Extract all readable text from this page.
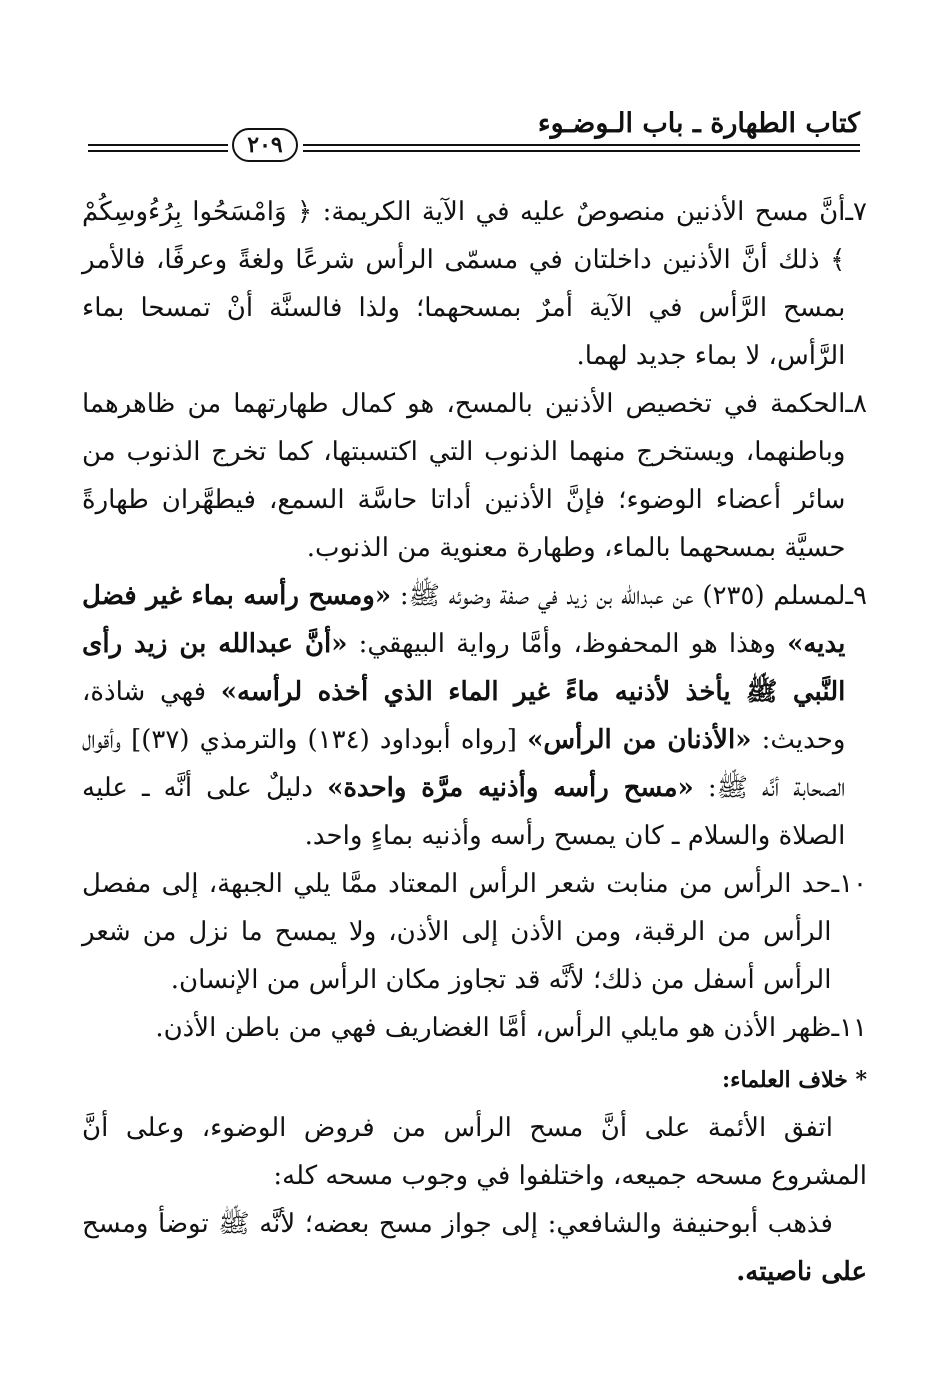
كتاب الطهارة ـ باب الـوضـوء
٢٠٩
٧ـ
أنَّ مسح الأذنين منصوصٌ عليه في الآية الكريمة: ﴿ وَامْسَحُوا بِرُءُوسِكُمْ ﴾ ذلك أنَّ الأذنين داخلتان في مسمّى الرأس شرعًا ولغةً وعرفًا، فالأمر بمسح الرَّأس في الآية أمرٌ بمسحهما؛ ولذا فالسنَّة أنْ تمسحا بماء الرَّأس، لا بماء جديد لهما.
٨ـ
الحكمة في تخصيص الأذنين بالمسح، هو كمال طهارتهما من ظاهرهما وباطنهما، ويستخرج منهما الذنوب التي اكتسبتها، كما تخرج الذنوب من سائر أعضاء الوضوء؛ فإنَّ الأذنين أداتا حاسَّة السمع، فيطهَّران طهارةً حسيَّة بمسحهما بالماء، وطهارة معنوية من الذنوب.
٩ـ
لمسلم (٢٣٥) عن عبدالله بن زيد في صفة وضوئه ﷺ: «ومسح رأسه بماء غير فضل يديه» وهذا هو المحفوظ، وأمَّا رواية البيهقي: «أنَّ عبدالله بن زيد رأى النَّبي ﷺ يأخذ لأذنيه ماءً غير الماء الذي أخذه لرأسه» فهي شاذة، وحديث: «الأذنان من الرأس» [رواه أبوداود (١٣٤) والترمذي (٣٧)] وأقوال الصحابة أنَّه ﷺ: «مسح رأسه وأذنيه مرَّة واحدة» دليلٌ على أنَّه ـ عليه الصلاة والسلام ـ كان يمسح رأسه وأذنيه بماءٍ واحد.
١٠ـ
حد الرأس من منابت شعر الرأس المعتاد ممَّا يلي الجبهة، إلى مفصل الرأس من الرقبة، ومن الأذن إلى الأذن، ولا يمسح ما نزل من شعر الرأس أسفل من ذلك؛ لأنَّه قد تجاوز مكان الرأس من الإنسان.
١١ـ
ظهر الأذن هو مايلي الرأس، أمَّا الغضاريف فهي من باطن الأذن.
* خلاف العلماء:

اتفق الأئمة على أنَّ مسح الرأس من فروض الوضوء، وعلى أنَّ المشروع مسحه جميعه، واختلفوا في وجوب مسحه كله:

فذهب أبوحنيفة والشافعي: إلى جواز مسح بعضه؛ لأنَّه ﷺ توضأ ومسح على ناصيته.
